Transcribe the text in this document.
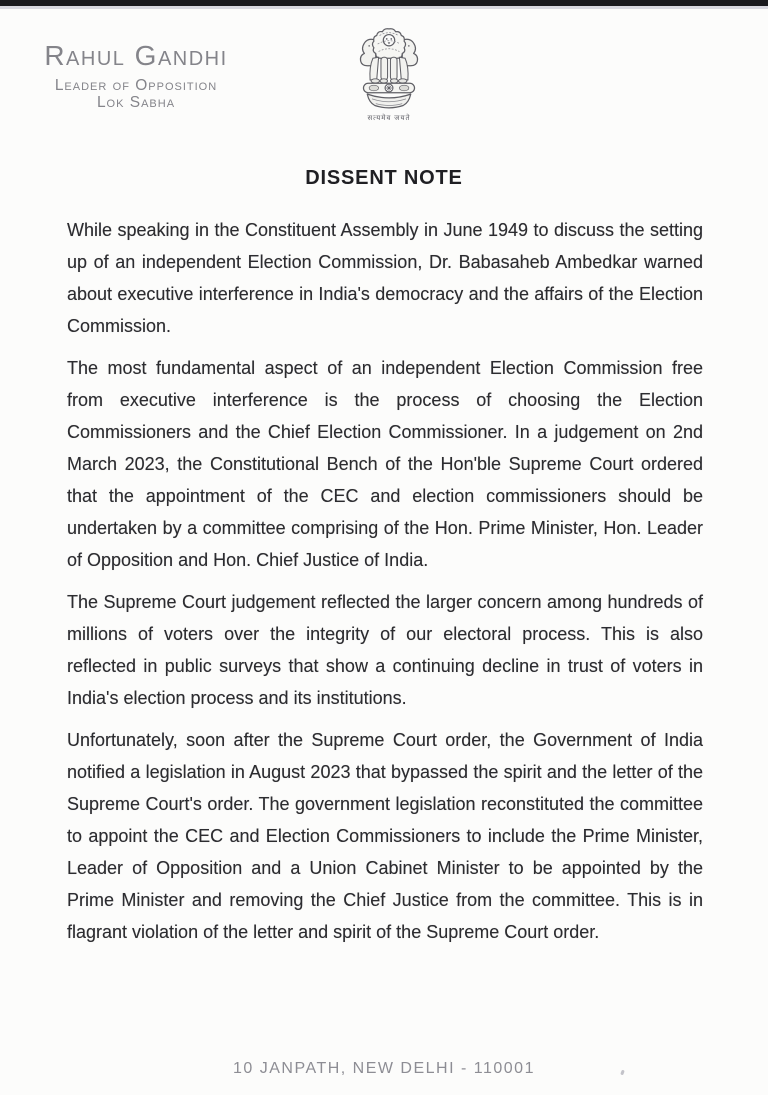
Rahul Gandhi
Leader of Opposition
Lok Sabha
सत्यमेव जयते
DISSENT NOTE

While speaking in the Constituent Assembly in June 1949 to discuss the setting up of an independent Election Commission, Dr. Babasaheb Ambedkar warned about executive interference in India's democracy and the affairs of the Election Commission.

The most fundamental aspect of an independent Election Commission free from executive interference is the process of choosing the Election Commissioners and the Chief Election Commissioner. In a judgement on 2nd March 2023, the Constitutional Bench of the Hon'ble Supreme Court ordered that the appointment of the CEC and election commissioners should be undertaken by a committee comprising of the Hon. Prime Minister, Hon. Leader of Opposition and Hon. Chief Justice of India.

The Supreme Court judgement reflected the larger concern among hundreds of millions of voters over the integrity of our electoral process. This is also reflected in public surveys that show a continuing decline in trust of voters in India's election process and its institutions.

Unfortunately, soon after the Supreme Court order, the Government of India notified a legislation in August 2023 that bypassed the spirit and the letter of the Supreme Court's order. The government legislation reconstituted the committee to appoint the CEC and Election Commissioners to include the Prime Minister, Leader of Opposition and a Union Cabinet Minister to be appointed by the Prime Minister and removing the Chief Justice from the committee. This is in flagrant violation of the letter and spirit of the Supreme Court order.

10 JANPATH, NEW DELHI - 110001
